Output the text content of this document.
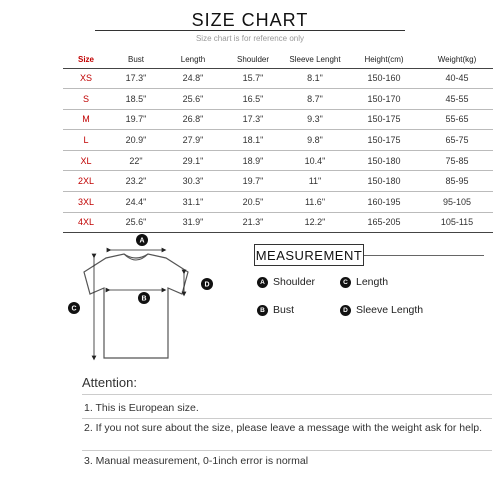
SIZE CHART
Size chart is for reference only
Size	Bust	Length	Shoulder	Sleeve Lenght	Height(cm)	Weight(kg)
XS	17.3"	24.8"	15.7"	8.1"	150-160	40-45
S	18.5"	25.6"	16.5"	8.7"	150-170	45-55
M	19.7"	26.8"	17.3"	9.3"	150-175	55-65
L	20.9"	27.9"	18.1"	9.8"	150-175	65-75
XL	22"	29.1"	18.9"	10.4"	150-180	75-85
2XL	23.2"	30.3"	19.7"	11"	150-180	85-95
3XL	24.4"	31.1"	20.5"	11.6"	160-195	95-105
4XL	25.6"	31.9"	21.3"	12.2"	165-205	105-115
A
B
C
D
MEASUREMENT
A Shoulder	C Length
B Bust	D Sleeve Length
Attention:
1. This is European size.
2. If you not sure about the size, please leave a message with the weight ask for help.
3. Manual measurement, 0-1inch error is normal
